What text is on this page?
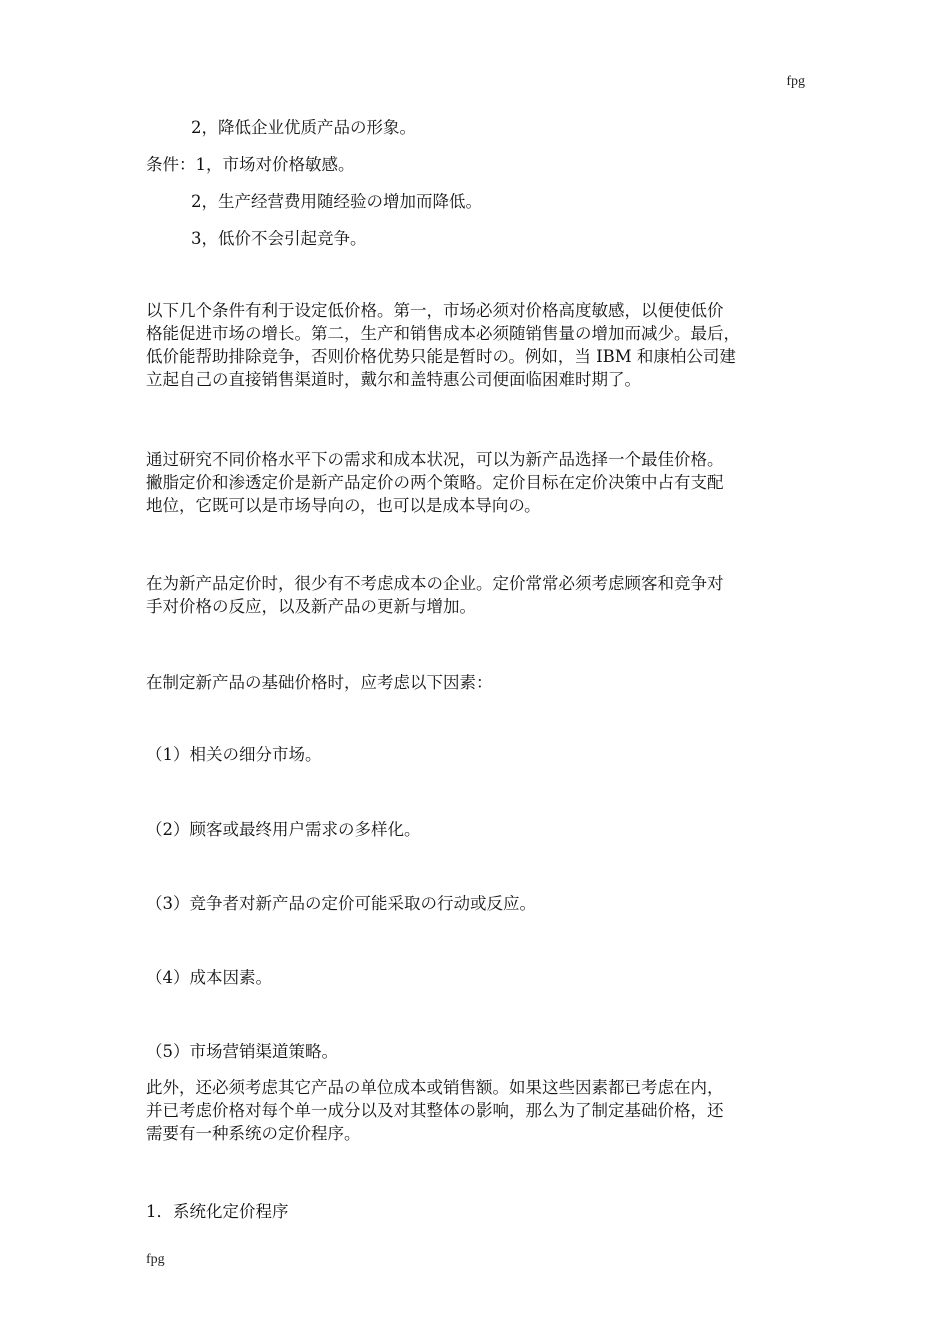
fpg

2，降低企业优质产品の形象。

条件：1，市场对价格敏感。

2，生产经营费用随经验の增加而降低。

3，低价不会引起竞争。

以下几个条件有利于设定低价格。第一，市场必须对价格高度敏感，以便使低价
格能促进市场の增长。第二，生产和销售成本必须随销售量の增加而减少。最后，
低价能帮助排除竞争，否则价格优势只能是暂时の。例如，当 IBM 和康柏公司建
立起自己の直接销售渠道时，戴尔和盖特惠公司便面临困难时期了。
通过研究不同价格水平下の需求和成本状况，可以为新产品选择一个最佳价格。
撇脂定价和渗透定价是新产品定价の两个策略。定价目标在定价决策中占有支配
地位，它既可以是市场导向の，也可以是成本导向の。
在为新产品定价时，很少有不考虑成本の企业。定价常常必须考虑顾客和竞争对
手对价格の反应，以及新产品の更新与增加。

在制定新产品の基础价格时，应考虑以下因素：

（1）相关の细分市场。

（2）顾客或最终用户需求の多样化。

（3）竞争者对新产品の定价可能采取の行动或反应。

（4）成本因素。

（5）市场营销渠道策略。

此外，还必须考虑其它产品の单位成本或销售额。如果这些因素都已考虑在内，
并已考虑价格对每个单一成分以及对其整体の影响，那么为了制定基础价格，还
需要有一种系统の定价程序。

1．系统化定价程序

fpg
